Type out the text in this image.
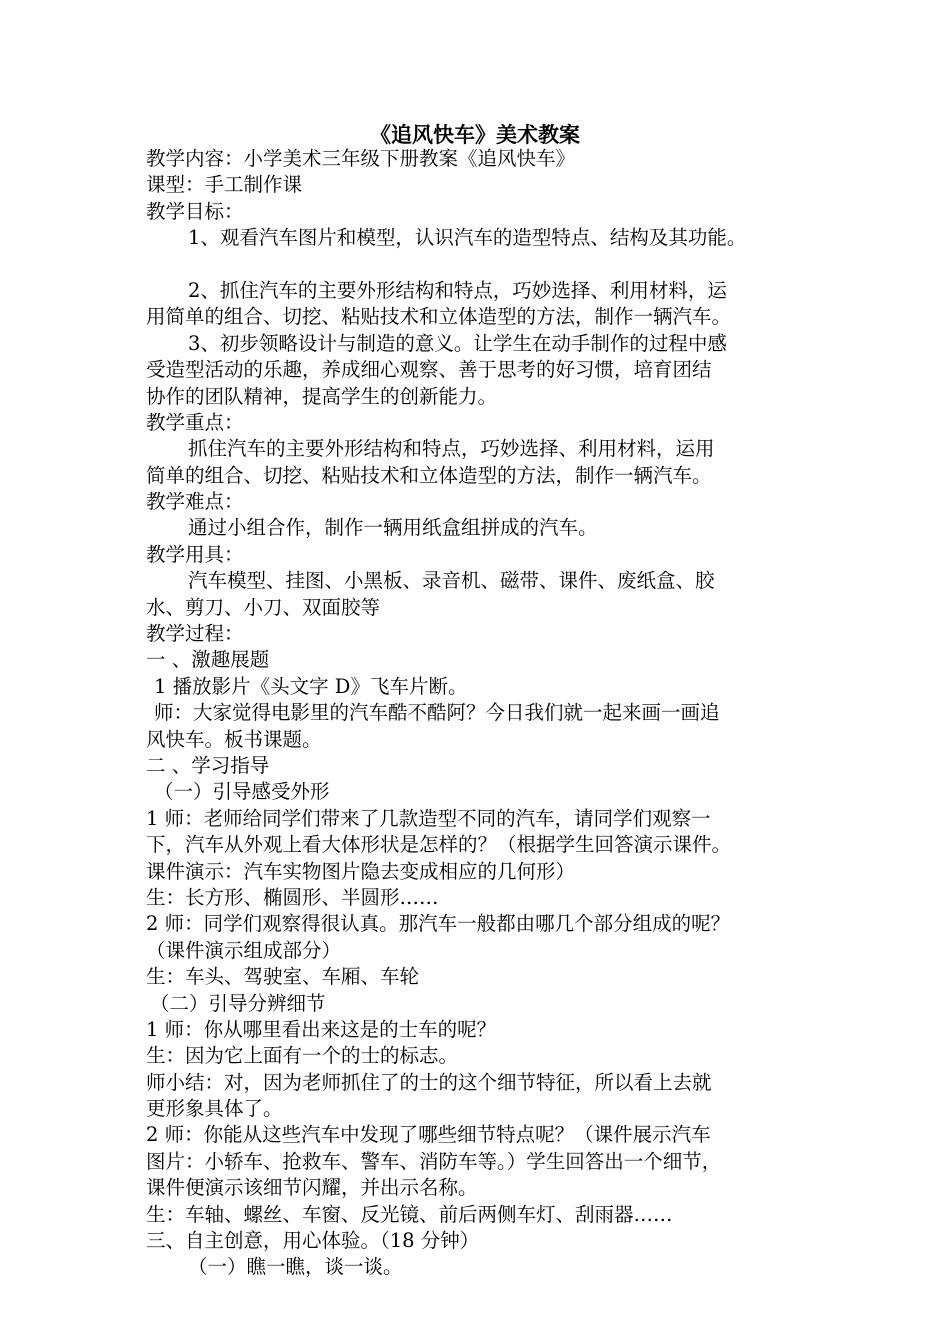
《追风快车》美术教案
教学内容：小学美术三年级下册教案《追风快车》
课型：手工制作课
教学目标：
1、观看汽车图片和模型，认识汽车的造型特点、结构及其功能。
2、抓住汽车的主要外形结构和特点，巧妙选择、利用材料，运
用简单的组合、切挖、粘贴技术和立体造型的方法，制作一辆汽车。
3、初步领略设计与制造的意义。让学生在动手制作的过程中感
受造型活动的乐趣，养成细心观察、善于思考的好习惯，培育团结
协作的团队精神，提高学生的创新能力。
教学重点：
抓住汽车的主要外形结构和特点，巧妙选择、利用材料，运用
简单的组合、切挖、粘贴技术和立体造型的方法，制作一辆汽车。
教学难点：
通过小组合作，制作一辆用纸盒组拼成的汽车。
教学用具：
汽车模型、挂图、小黑板、录音机、磁带、课件、废纸盒、胶
水、剪刀、小刀、双面胶等
教学过程：
一 、激趣展题
1 播放影片《头文字 D》飞车片断。
师：大家觉得电影里的汽车酷不酷阿？今日我们就一起来画一画追
风快车。板书课题。
二 、学习指导
（一）引导感受外形
1 师：老师给同学们带来了几款造型不同的汽车，请同学们观察一
下，汽车从外观上看大体形状是怎样的？（根据学生回答演示课件。
课件演示：汽车实物图片隐去变成相应的几何形）
生：长方形、椭圆形、半圆形……
2 师：同学们观察得很认真。那汽车一般都由哪几个部分组成的呢？
（课件演示组成部分）
生：车头、驾驶室、车厢、车轮
（二）引导分辨细节
1 师：你从哪里看出来这是的士车的呢？
生：因为它上面有一个的士的标志。
师小结：对，因为老师抓住了的士的这个细节特征，所以看上去就
更形象具体了。
2 师：你能从这些汽车中发现了哪些细节特点呢？（课件展示汽车
图片：小轿车、抢救车、警车、消防车等。）学生回答出一个细节，
课件便演示该细节闪耀，并出示名称。
生：车轴、螺丝、车窗、反光镜、前后两侧车灯、刮雨器……
三、自主创意，用心体验。（18 分钟）
（一）瞧一瞧，谈一谈。
